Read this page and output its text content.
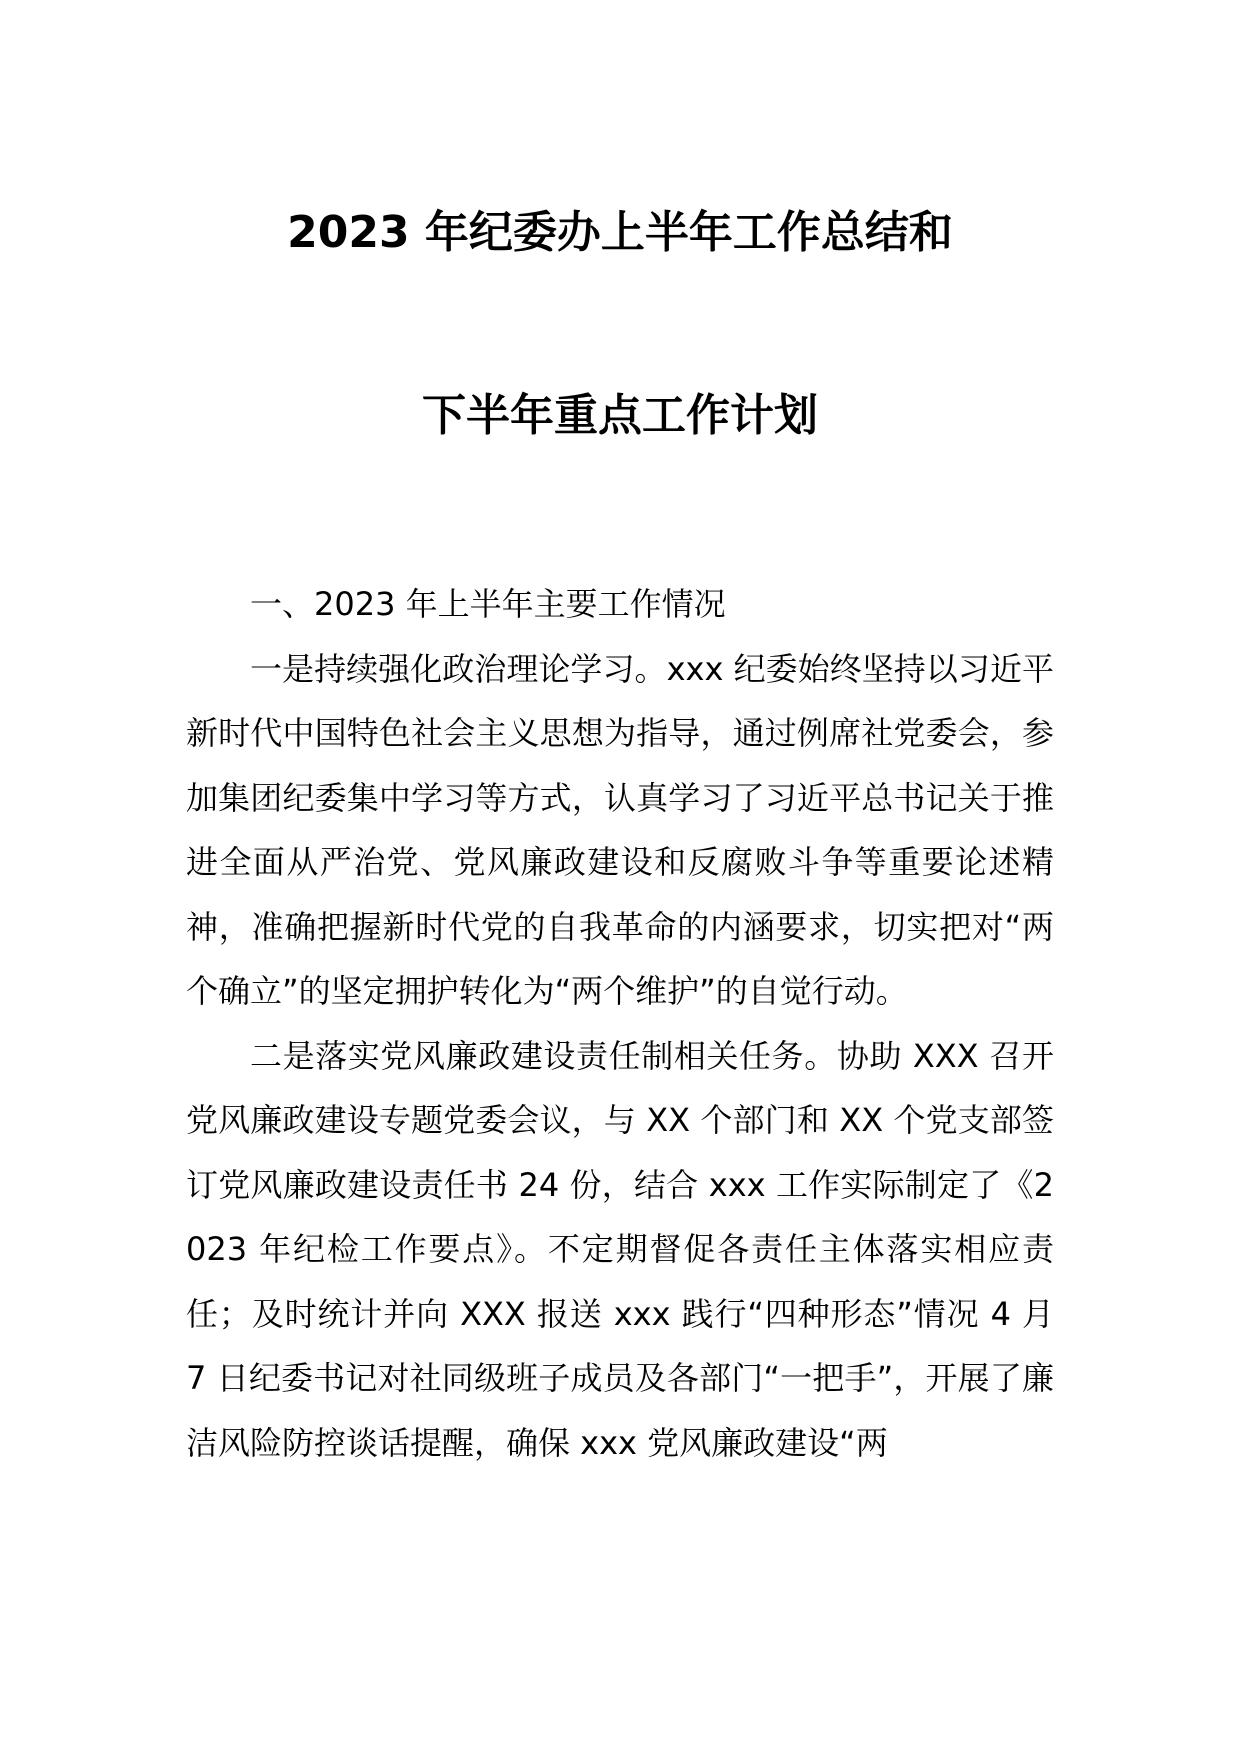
2023 年纪委办上半年工作总结和
下半年重点工作计划

一、2023 年上半年主要工作情况

一是持续强化政治理论学习。xxx 纪委始终坚持以习近平新时代中国特色社会主义思想为指导，通过例席社党委会，参加集团纪委集中学习等方式，认真学习了习近平总书记关于推进全面从严治党、党风廉政建设和反腐败斗争等重要论述精神，准确把握新时代党的自我革命的内涵要求，切实把对“两个确立”的坚定拥护转化为“两个维护”的自觉行动。

二是落实党风廉政建设责任制相关任务。协助 XXX 召开党风廉政建设专题党委会议，与 XX 个部门和 XX 个党支部签订党风廉政建设责任书 24 份，结合 xxx 工作实际制定了《2023 年纪检工作要点》。不定期督促各责任主体落实相应责任；及时统计并向 XXX 报送 xxx 践行“四种形态”情况 4 月 7 日纪委书记对社同级班子成员及各部门“一把手”，开展了廉洁风险防控谈话提醒，确保 xxx 党风廉政建设“两
